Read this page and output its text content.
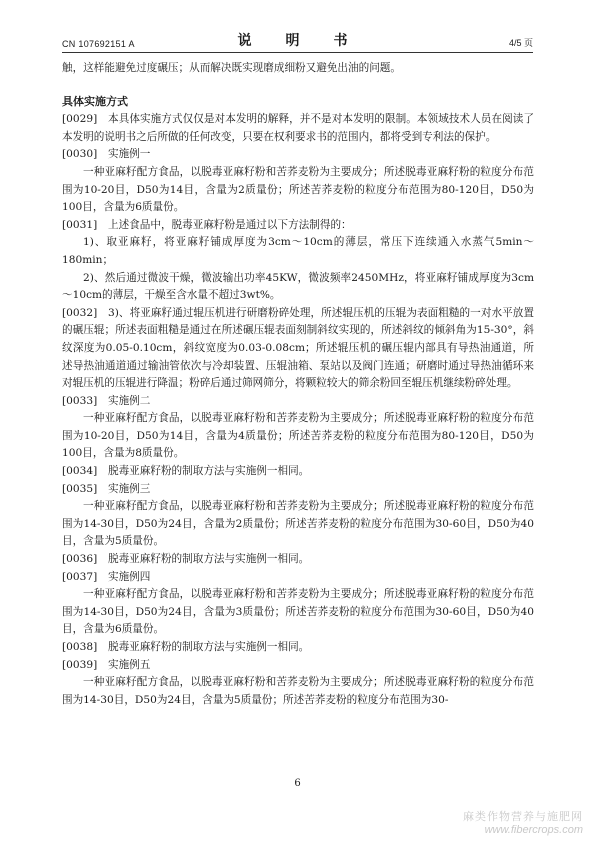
CN 107692151 A	说　明　书	4/5 页

触，这样能避免过度碾压；从而解决既实现磨成细粉又避免出油的问题。

具体实施方式

[0029] 本具体实施方式仅仅是对本发明的解释，并不是对本发明的限制。本领域技术人员在阅读了本发明的说明书之后所做的任何改变，只要在权利要求书的范围内，都将受到专利法的保护。

[0030] 实施例一

一种亚麻籽配方食品，以脱毒亚麻籽粉和苦荞麦粉为主要成分；所述脱毒亚麻籽粉的粒度分布范围为10-20目，D50为14目，含量为2质量份；所述苦荞麦粉的粒度分布范围为80-120目，D50为100目，含量为6质量份。

[0031] 上述食品中，脱毒亚麻籽粉是通过以下方法制得的：

1)、取亚麻籽，将亚麻籽铺成厚度为3cm～10cm的薄层，常压下连续通入水蒸气5min～180min；

2)、然后通过微波干燥，微波输出功率45KW，微波频率2450MHz，将亚麻籽铺成厚度为3cm～10cm的薄层，干燥至含水量不超过3wt%。

[0032] 3)、将亚麻籽通过辊压机进行研磨粉碎处理，所述辊压机的压辊为表面粗糙的一对水平放置的碾压辊；所述表面粗糙是通过在所述碾压辊表面刻制斜纹实现的，所述斜纹的倾斜角为15-30°，斜纹深度为0.05-0.10cm，斜纹宽度为0.03-0.08cm；所述辊压机的碾压辊内部具有导热油通道，所述导热油通道通过输油管依次与冷却装置、压辊油箱、泵站以及阀门连通；研磨时通过导热油循环来对辊压机的压辊进行降温；粉碎后通过筛网筛分，将颗粒较大的筛余粉回至辊压机继续粉碎处理。

[0033] 实施例二

一种亚麻籽配方食品，以脱毒亚麻籽粉和苦荞麦粉为主要成分；所述脱毒亚麻籽粉的粒度分布范围为10-20目，D50为14目，含量为4质量份；所述苦荞麦粉的粒度分布范围为80-120目，D50为100目，含量为8质量份。

[0034] 脱毒亚麻籽粉的制取方法与实施例一相同。

[0035] 实施例三

一种亚麻籽配方食品，以脱毒亚麻籽粉和苦荞麦粉为主要成分；所述脱毒亚麻籽粉的粒度分布范围为14-30目，D50为24目，含量为2质量份；所述苦荞麦粉的粒度分布范围为30-60目，D50为40目，含量为5质量份。

[0036] 脱毒亚麻籽粉的制取方法与实施例一相同。

[0037] 实施例四

一种亚麻籽配方食品，以脱毒亚麻籽粉和苦荞麦粉为主要成分；所述脱毒亚麻籽粉的粒度分布范围为14-30目，D50为24目，含量为3质量份；所述苦荞麦粉的粒度分布范围为30-60目，D50为40目，含量为6质量份。

[0038] 脱毒亚麻籽粉的制取方法与实施例一相同。

[0039] 实施例五

一种亚麻籽配方食品，以脱毒亚麻籽粉和苦荞麦粉为主要成分；所述脱毒亚麻籽粉的粒度分布范围为14-30目，D50为24目，含量为5质量份；所述苦荞麦粉的粒度分布范围为30-

6
麻类作物营养与施肥网
www.fibercrops.com
